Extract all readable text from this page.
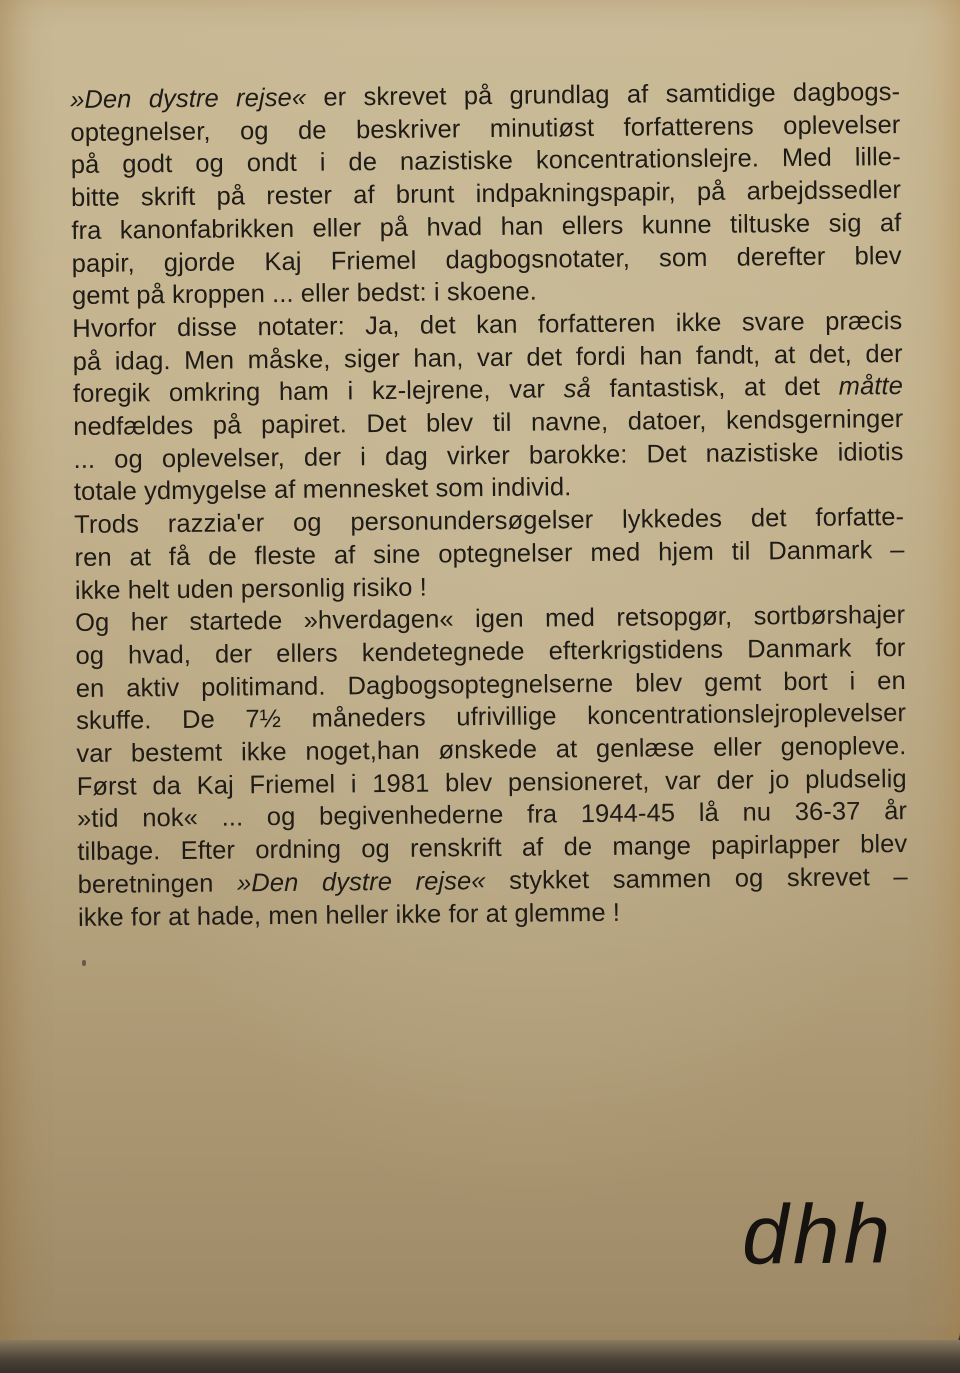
»Den dystre rejse« er skrevet på grundlag af samtidige dagbogs-
optegnelser, og de beskriver minutiøst forfatterens oplevelser
på godt og ondt i de nazistiske koncentrationslejre. Med lille-
bitte skrift på rester af brunt indpakningspapir, på arbejdssedler
fra kanonfabrikken eller på hvad han ellers kunne tiltuske sig af
papir, gjorde Kaj Friemel dagbogsnotater, som derefter blev
gemt på kroppen ... eller bedst: i skoene.
Hvorfor disse notater: Ja, det kan forfatteren ikke svare præcis
på idag. Men måske, siger han, var det fordi han fandt, at det, der
foregik omkring ham i kz-lejrene, var så fantastisk, at det måtte
nedfældes på papiret. Det blev til navne, datoer, kendsgerninger
... og oplevelser, der i dag virker barokke: Det nazistiske idiotis
totale ydmygelse af mennesket som individ.
Trods razzia'er og personundersøgelser lykkedes det forfatte-
ren at få de fleste af sine optegnelser med hjem til Danmark –
ikke helt uden personlig risiko !
Og her startede »hverdagen« igen med retsopgør, sortbørshajer
og hvad, der ellers kendetegnede efterkrigstidens Danmark for
en aktiv politimand. Dagbogsoptegnelserne blev gemt bort i en
skuffe. De 7½ måneders ufrivillige koncentrationslejroplevelser
var bestemt ikke noget,han ønskede at genlæse eller genopleve.
Først da Kaj Friemel i 1981 blev pensioneret, var der jo pludselig
»tid nok« ... og begivenhederne fra 1944-45 lå nu 36-37 år
tilbage. Efter ordning og renskrift af de mange papirlapper blev
beretningen »Den dystre rejse« stykket sammen og skrevet –
ikke for at hade, men heller ikke for at glemme !
dhh
